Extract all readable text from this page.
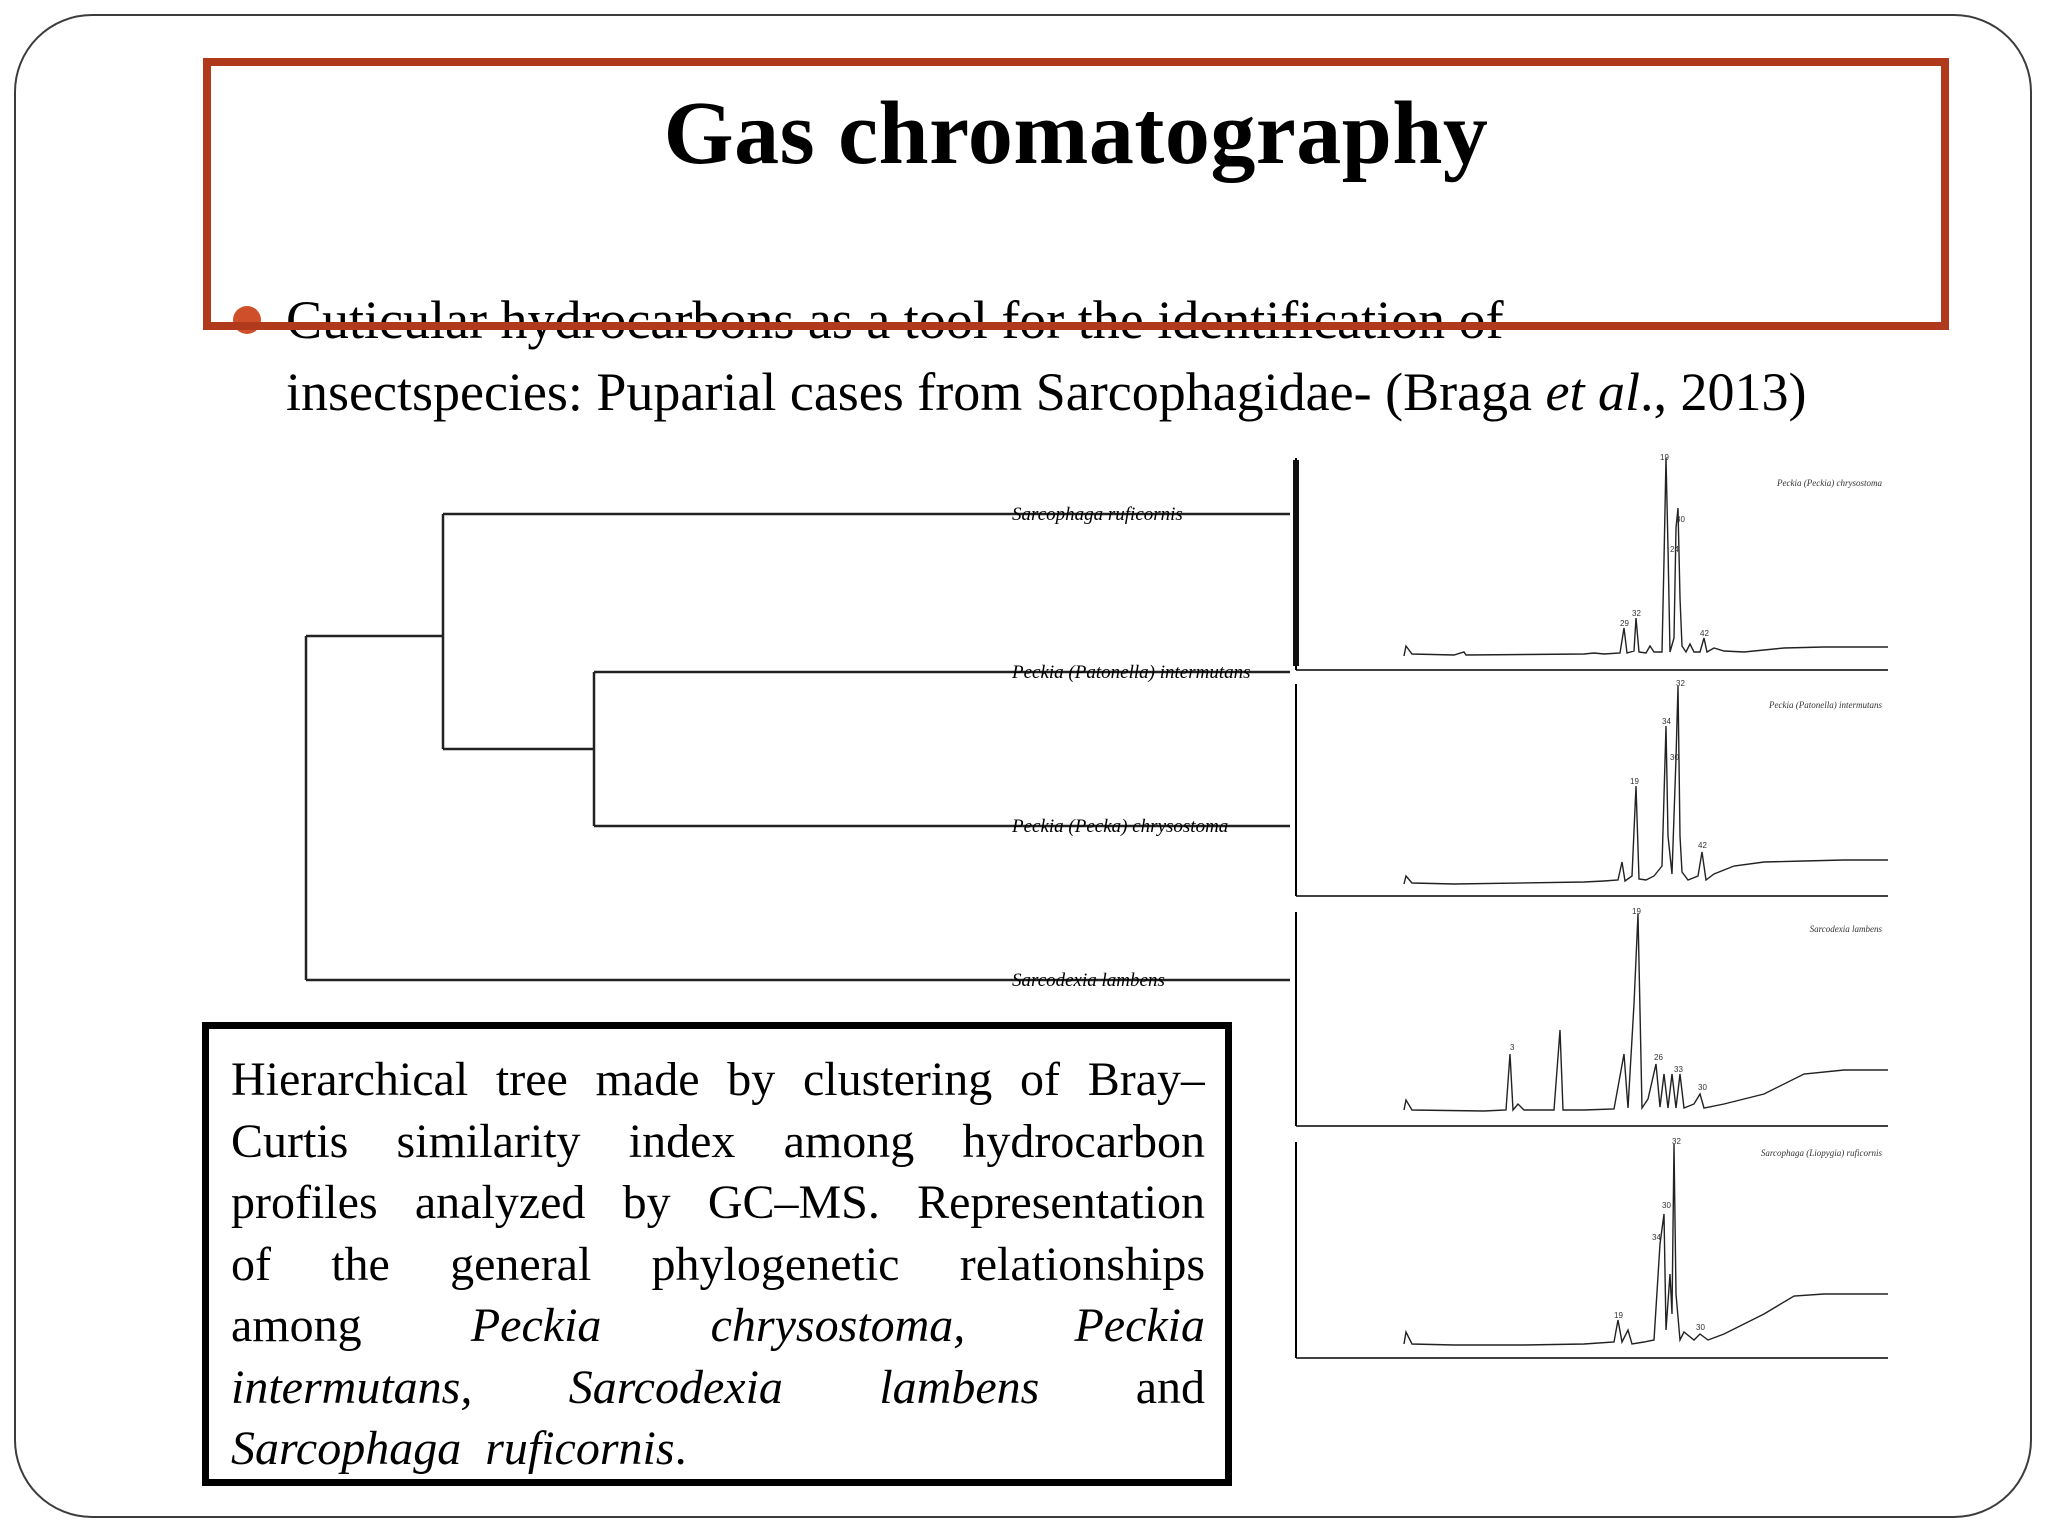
Gas chromatography
Cuticular hydrocarbons as a tool for the identification of
insectspecies: Puparial cases from Sarcophagidae- (Braga et al., 2013)
Sarcophaga ruficornis
Peckia (Patonella) intermutans
Peckia (Pecka) chrysostoma
Sarcodexia lambens
Peckia (Peckia) chrysostoma
19
30
32
29
24
42
Peckia (Patonella) intermutans
34
30
32
19
42
Sarcodexia lambens
19
26
33
3
30
Sarcophaga (Liopygia) ruficornis
32
30
34
19
30
Hierarchical tree made by clustering of Bray–
Curtis similarity index among hydrocarbon
profiles analyzed by GC–MS. Representation
of the general phylogenetic relationships
among Peckia chrysostoma, Peckia
intermutans, Sarcodexia lambens and
Sarcophaga ruficornis.
